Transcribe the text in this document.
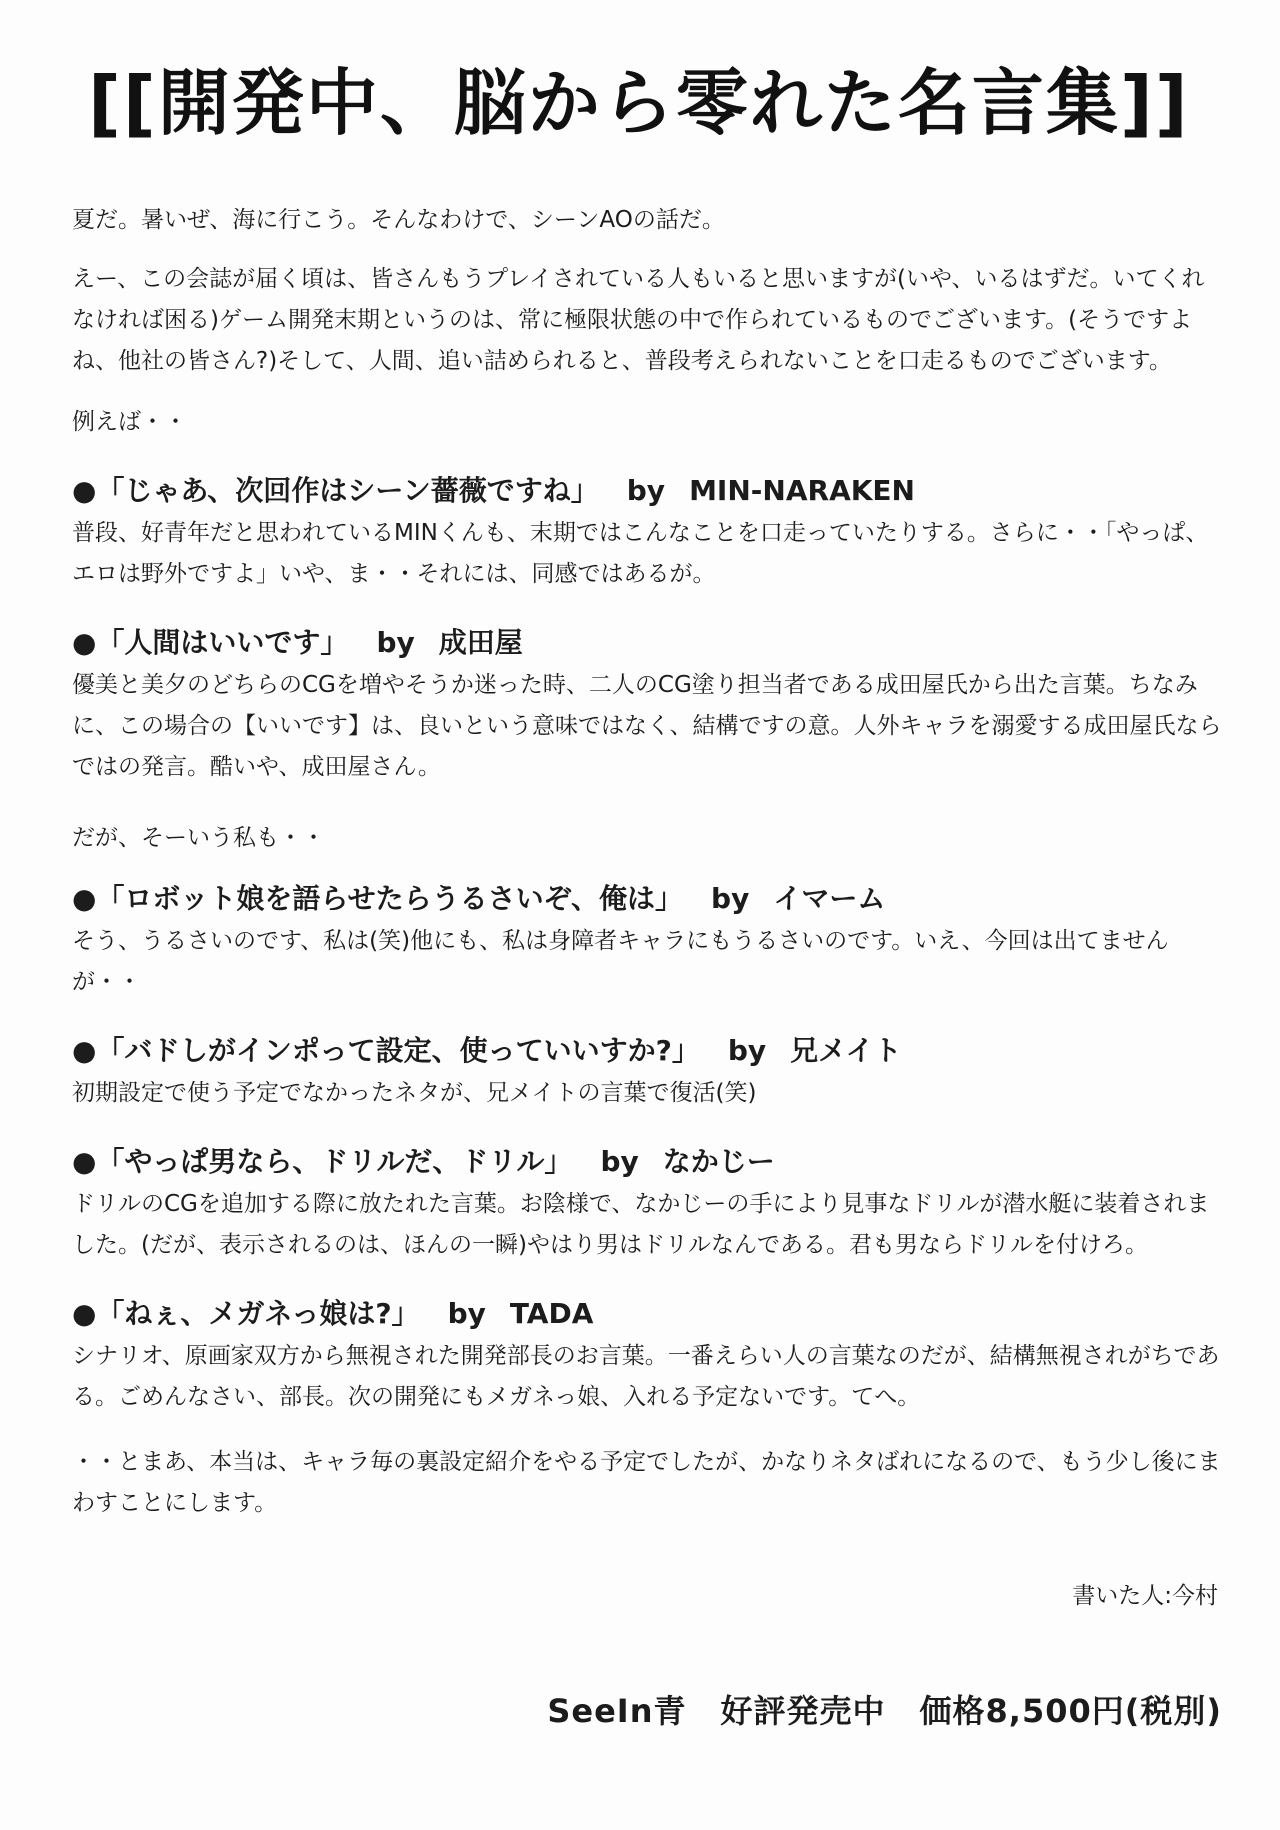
[[開発中、脳から零れた名言集]]

夏だ。暑いぜ、海に行こう。そんなわけで、シーンAOの話だ。

えー、この会誌が届く頃は、皆さんもうプレイされている人もいると思いますが(いや、いるはずだ。いてくれなければ困る)ゲーム開発末期というのは、常に極限状態の中で作られているものでございます。(そうですよね、他社の皆さん?)そして、人間、追い詰められると、普段考えられないことを口走るものでございます。

例えば・・

●「じゃあ、次回作はシーン薔薇ですね」 by MIN-NARAKEN
普段、好青年だと思われているMINくんも、末期ではこんなことを口走っていたりする。さらに・・「やっぱ、エロは野外ですよ」いや、ま・・それには、同感ではあるが。
●「人間はいいです」 by 成田屋
優美と美夕のどちらのCGを増やそうか迷った時、二人のCG塗り担当者である成田屋氏から出た言葉。ちなみに、この場合の【いいです】は、良いという意味ではなく、結構ですの意。人外キャラを溺愛する成田屋氏ならではの発言。酷いや、成田屋さん。

だが、そーいう私も・・

●「ロボット娘を語らせたらうるさいぞ、俺は」 by イマーム
そう、うるさいのです、私は(笑)他にも、私は身障者キャラにもうるさいのです。いえ、今回は出てませんが・・
●「バドしがインポって設定、使っていいすか?」 by 兄メイト
初期設定で使う予定でなかったネタが、兄メイトの言葉で復活(笑)
●「やっぱ男なら、ドリルだ、ドリル」 by なかじー
ドリルのCGを追加する際に放たれた言葉。お陰様で、なかじーの手により見事なドリルが潜水艇に装着されました。(だが、表示されるのは、ほんの一瞬)やはり男はドリルなんである。君も男ならドリルを付けろ。
●「ねぇ、メガネっ娘は?」 by TADA
シナリオ、原画家双方から無視された開発部長のお言葉。一番えらい人の言葉なのだが、結構無視されがちである。ごめんなさい、部長。次の開発にもメガネっ娘、入れる予定ないです。てへ。

・・とまあ、本当は、キャラ毎の裏設定紹介をやる予定でしたが、かなりネタばれになるので、もう少し後にまわすことにします。

書いた人:今村
SeeIn青 好評発売中 価格8,500円(税別)
